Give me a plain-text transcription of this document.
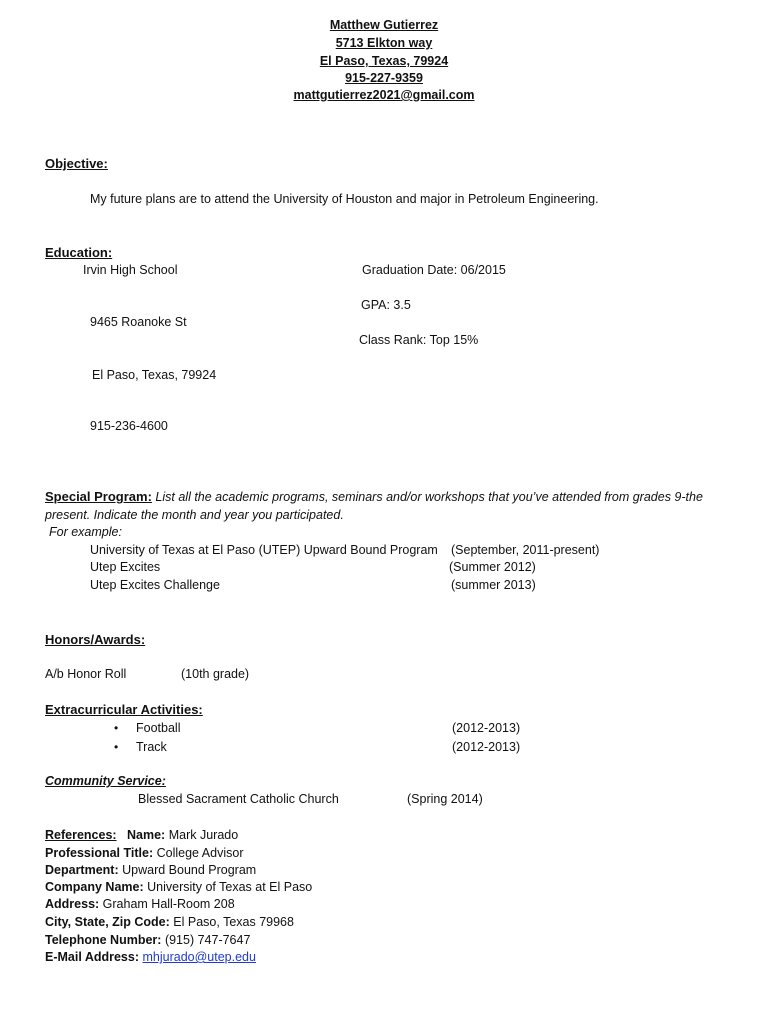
Matthew Gutierrez
5713 Elkton way
El Paso, Texas, 79924
915-227-9359
mattgutierrez2021@gmail.com
Objective:
My future plans are to attend the University of Houston and major in Petroleum Engineering.
Education:
Irvin High School	Graduation Date: 06/2015
GPA: 3.5
9465 Roanoke St
Class Rank: Top 15%
El Paso, Texas, 79924
915-236-4600
Special Program: List all the academic programs, seminars and/or workshops that you’ve attended from grades 9-the
present. Indicate the month and year you participated.
For example:
University of Texas at El Paso (UTEP) Upward Bound Program (September, 2011-present)
Utep Excites	(Summer 2012)
Utep Excites Challenge	(summer 2013)
Honors/Awards:
A/b Honor Roll	(10th grade)
Extracurricular Activities:
• Football	(2012-2013)
• Track	(2012-2013)
Community Service:
Blessed Sacrament Catholic Church	(Spring 2014)
References: Name: Mark Jurado
Professional Title: College Advisor
Department: Upward Bound Program
Company Name: University of Texas at El Paso
Address: Graham Hall-Room 208
City, State, Zip Code: El Paso, Texas 79968
Telephone Number: (915) 747-7647
E-Mail Address: mhjurado@utep.edu
